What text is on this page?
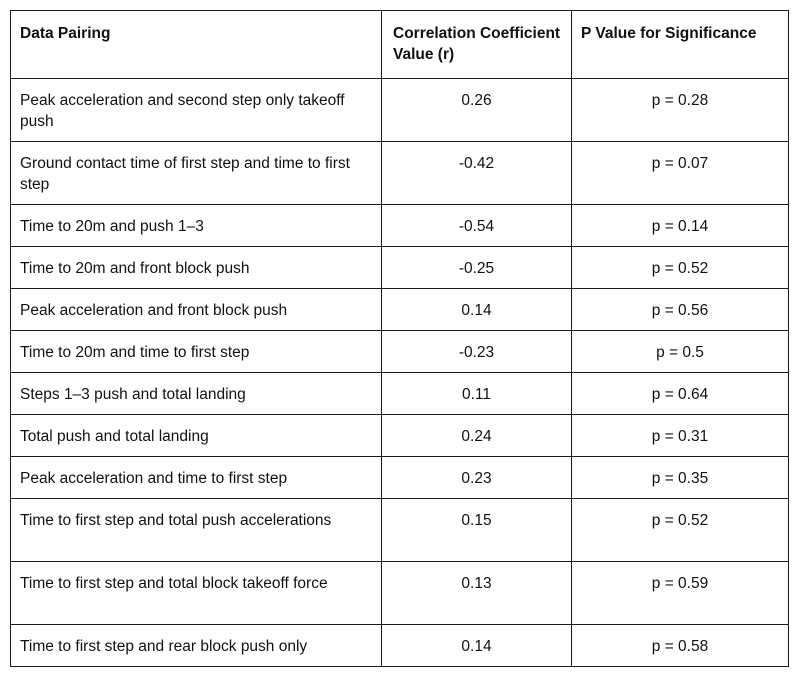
Data Pairing	Correlation Coefficient Value (r)	P Value for Significance
Peak acceleration and second step only takeoff push	0.26	p = 0.28
Ground contact time of first step and time to first step	-0.42	p = 0.07
Time to 20m and push 1–3	-0.54	p = 0.14
Time to 20m and front block push	-0.25	p = 0.52
Peak acceleration and front block push	0.14	p = 0.56
Time to 20m and time to first step	-0.23	p = 0.5
Steps 1–3 push and total landing	0.11	p = 0.64
Total push and total landing	0.24	p = 0.31
Peak acceleration and time to first step	0.23	p = 0.35
Time to first step and total push accelerations	0.15	p = 0.52
Time to first step and total block takeoff force	0.13	p = 0.59
Time to first step and rear block push only	0.14	p = 0.58
